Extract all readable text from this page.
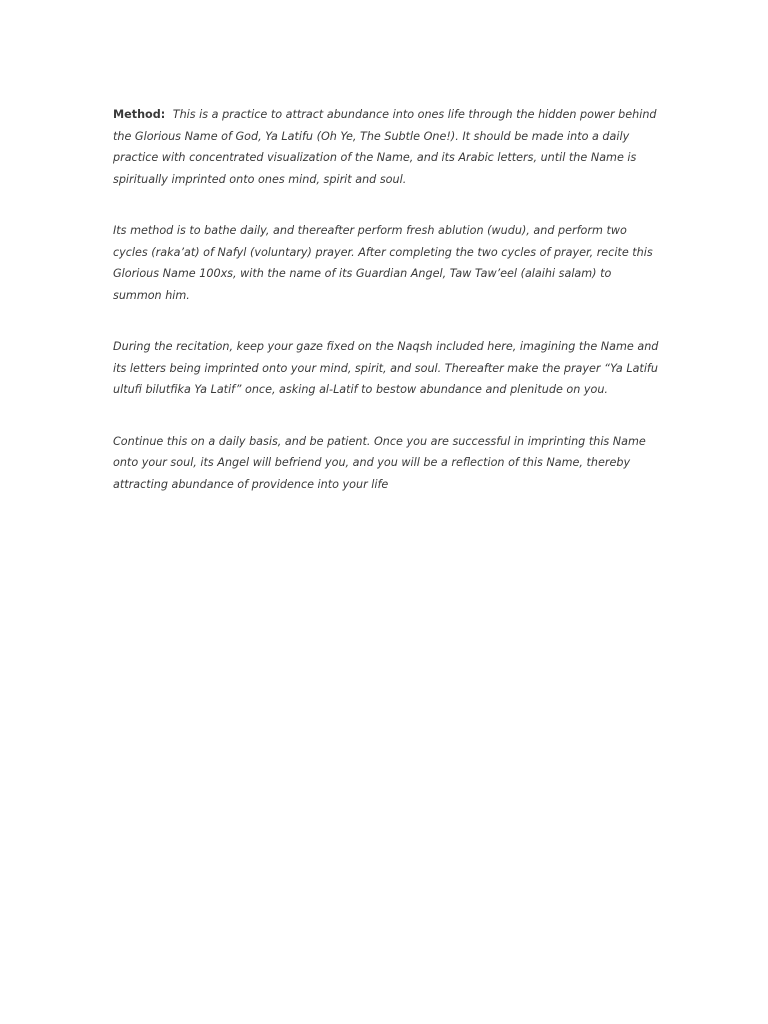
Method: This is a practice to attract abundance into ones life through the hidden power behind the Glorious Name of God, Ya Latifu (Oh Ye, The Subtle One!). It should be made into a daily practice with concentrated visualization of the Name, and its Arabic letters, until the Name is spiritually imprinted onto ones mind, spirit and soul.

Its method is to bathe daily, and thereafter perform fresh ablution (wudu), and perform two cycles (raka’at) of Nafyl (voluntary) prayer. After completing the two cycles of prayer, recite this Glorious Name 100xs, with the name of its Guardian Angel, Taw Taw’eel (alaihi salam) to summon him.

During the recitation, keep your gaze fixed on the Naqsh included here, imagining the Name and its letters being imprinted onto your mind, spirit, and soul. Thereafter make the prayer “Ya Latifu ultufi bilutfika Ya Latif” once, asking al-Latif to bestow abundance and plenitude on you.

Continue this on a daily basis, and be patient. Once you are successful in imprinting this Name onto your soul, its Angel will befriend you, and you will be a reflection of this Name, thereby attracting abundance of providence into your life
